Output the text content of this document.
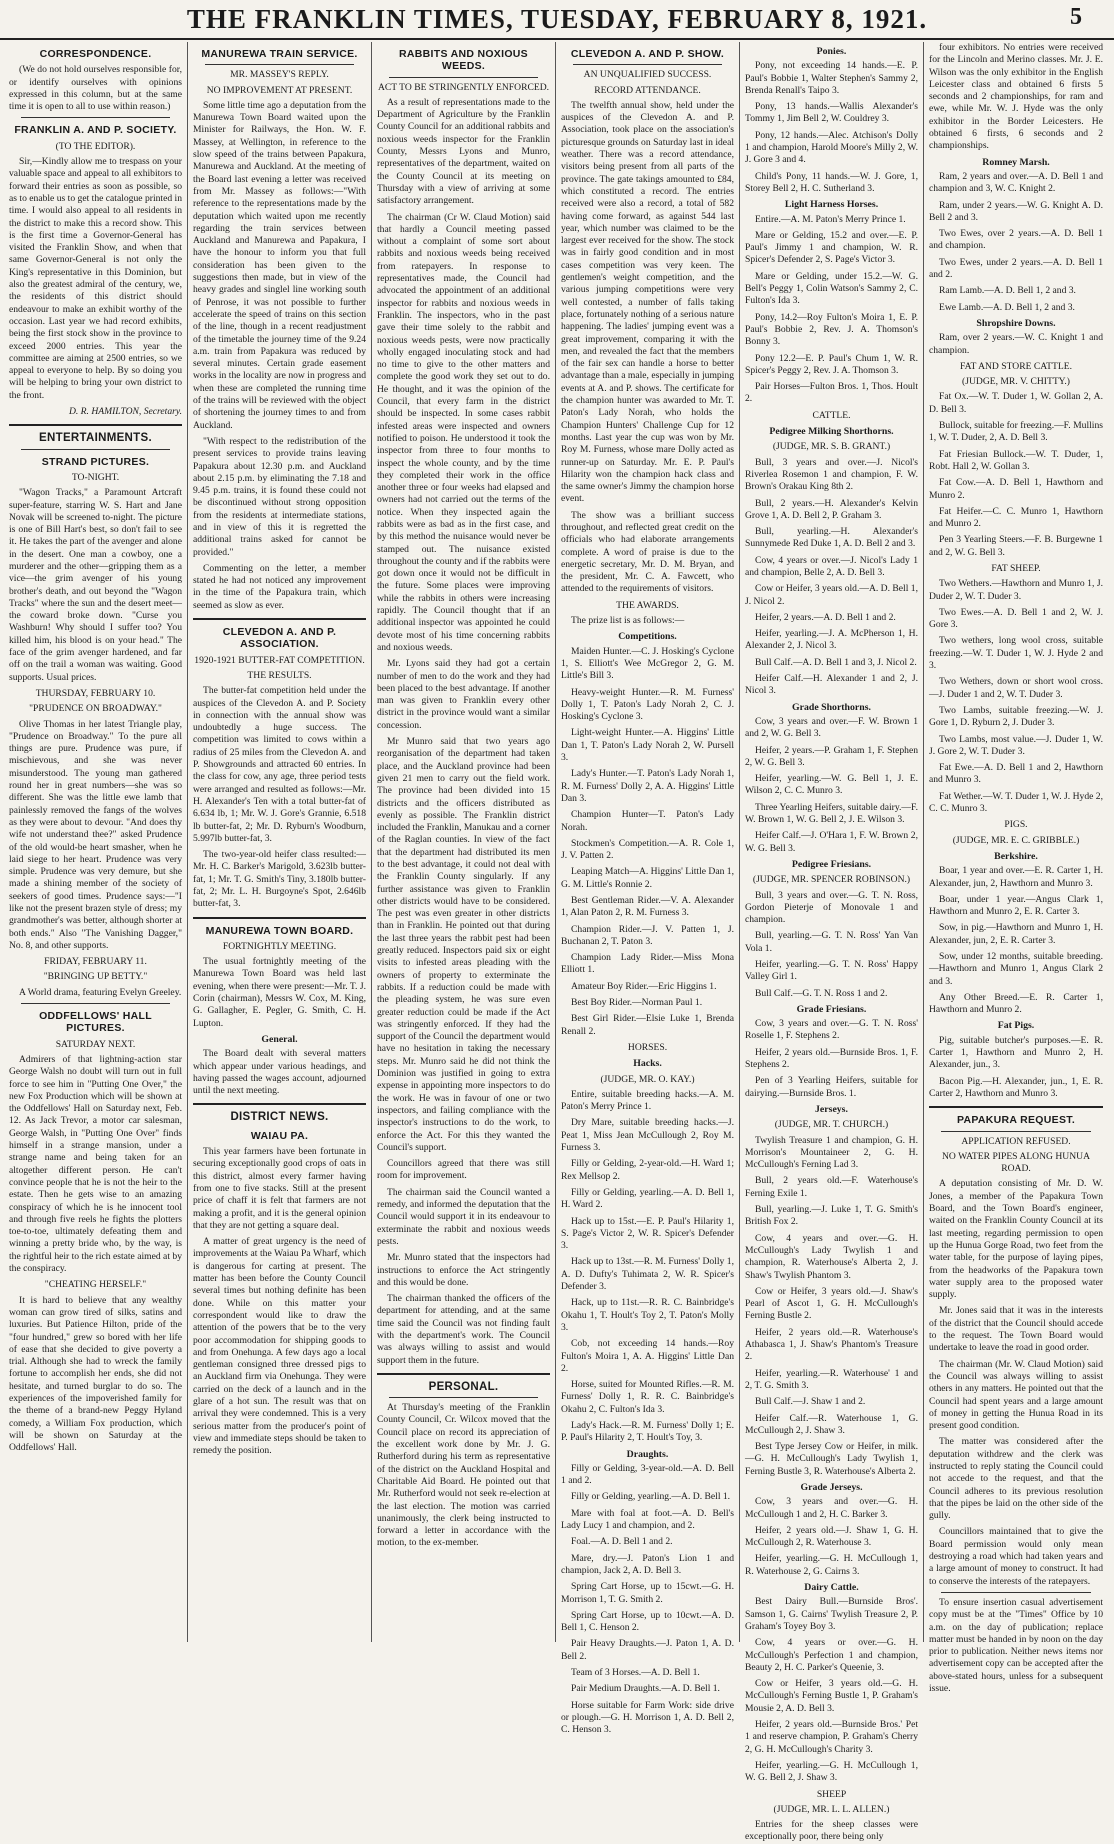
THE FRANKLIN TIMES, TUESDAY, FEBRUARY 8, 1921.	5
CORRESPONDENCE.

(We do not hold ourselves responsible for, or identify ourselves with opinions expressed in this column, but at the same time it is open to all to use within reason.)

FRANKLIN A. AND P. SOCIETY.
(TO THE EDITOR).

Sir,—Kindly allow me to trespass on your valuable space and appeal to all exhibitors to forward their entries as soon as possible, so as to enable us to get the catalogue printed in time. I would also appeal to all residents in the district to make this a record show. This is the first time a Governor-General has visited the Franklin Show, and when that same Governor-General is not only the King's representative in this Dominion, but also the greatest admiral of the century, we, the residents of this district should endeavour to make an exhibit worthy of the occasion. Last year we had record exhibits, being the first stock show in the province to exceed 2000 entries. This year the committee are aiming at 2500 entries, so we appeal to everyone to help. By so doing you will be helping to bring your own district to the front.

D. R. HAMILTON, Secretary.
ENTERTAINMENTS.
STRAND PICTURES.
TO-NIGHT.

"Wagon Tracks," a Paramount Artcraft super-feature, starring W. S. Hart and Jane Novak will be screened to-night. The picture is one of Bill Hart's best, so don't fail to see it. He takes the part of the avenger and alone in the desert. One man a cowboy, one a murderer and the other—gripping them as a vice—the grim avenger of his young brother's death, and out beyond the "Wagon Tracks" where the sun and the desert meet—the coward broke down. "Curse you Washburn! Why should I suffer too? You killed him, his blood is on your head." The face of the grim avenger hardened, and far off on the trail a woman was waiting. Good supports. Usual prices.

THURSDAY, FEBRUARY 10.
"PRUDENCE ON BROADWAY."

Olive Thomas in her latest Triangle play, "Prudence on Broadway." To the pure all things are pure. Prudence was pure, if mischievous, and she was never misunderstood. The young man gathered round her in great numbers—she was so different. She was the little ewe lamb that painlessly removed the fangs of the wolves as they were about to devour. "And does thy wife not understand thee?" asked Prudence of the old would-be heart smasher, when he laid siege to her heart. Prudence was very simple. Prudence was very demure, but she made a shining member of the society of seekers of good times. Prudence says:—"I like not the present brazen style of dress; my grandmother's was better, although shorter at both ends." Also "The Vanishing Dagger," No. 8, and other supports.

FRIDAY, FEBRUARY 11.
"BRINGING UP BETTY."

A World drama, featuring Evelyn Greeley.

ODDFELLOWS' HALL PICTURES.
SATURDAY NEXT.

Admirers of that lightning-action star George Walsh no doubt will turn out in full force to see him in "Putting One Over," the new Fox Production which will be shown at the Oddfellows' Hall on Saturday next, Feb. 12. As Jack Trevor, a motor car salesman, George Walsh, in "Putting One Over" finds himself in a strange mansion, under a strange name and being taken for an altogether different person. He can't convince people that he is not the heir to the estate. Then he gets wise to an amazing conspiracy of which he is he innocent tool and through five reels he fights the plotters toe-to-toe, ultimately defeating them and winning a pretty bride who, by the way, is the rightful heir to the rich estate aimed at by the conspiracy.

"CHEATING HERSELF."

It is hard to believe that any wealthy woman can grow tired of silks, satins and luxuries. But Patience Hilton, pride of the "four hundred," grew so bored with her life of ease that she decided to give poverty a trial. Although she had to wreck the family fortune to accomplish her ends, she did not hesitate, and turned burglar to do so. The experiences of the impoverished family for the theme of a brand-new Peggy Hyland comedy, a William Fox production, which will be shown on Saturday at the Oddfellows' Hall.

MANUREWA TRAIN SERVICE.
MR. MASSEY'S REPLY.
NO IMPROVEMENT AT PRESENT.

Some little time ago a deputation from the Manurewa Town Board waited upon the Minister for Railways, the Hon. W. F. Massey, at Wellington, in reference to the slow speed of the trains between Papakura, Manurewa and Auckland. At the meeting of the Board last evening a letter was received from Mr. Massey as follows:—"With reference to the representations made by the deputation which waited upon me recently regarding the train services between Auckland and Manurewa and Papakura, I have the honour to inform you that full consideration has been given to the suggestions then made, but in view of the heavy grades and singlel line working south of Penrose, it was not possible to further accelerate the speed of trains on this section of the line, though in a recent readjustment of the timetable the journey time of the 9.24 a.m. train from Papakura was reduced by several minutes. Certain grade easement works in the locality are now in progress and when these are completed the running time of the trains will be reviewed with the object of shortening the journey times to and from Auckland.

"With respect to the redistribution of the present services to provide trains leaving Papakura about 12.30 p.m. and Auckland about 2.15 p.m. by eliminating the 7.18 and 9.45 p.m. trains, it is found these could not be discontinued without strong opposition from the residents at intermediate stations, and in view of this it is regretted the additional trains asked for cannot be provided."

Commenting on the letter, a member stated he had not noticed any improvement in the time of the Papakura train, which seemed as slow as ever.

CLEVEDON A. AND P. ASSOCIATION.
1920-1921 BUTTER-FAT COMPETITION.
THE RESULTS.

The butter-fat competition held under the auspices of the Clevedon A. and P. Society in connection with the annual show was undoubtedly a huge success. The competition was limited to cows within a radius of 25 miles from the Clevedon A. and P. Showgrounds and attracted 60 entries. In the class for cow, any age, three period tests were arranged and resulted as follows:—Mr. H. Alexander's Ten with a total butter-fat of 6.634 lb, 1; Mr. W. J. Gore's Grannie, 6.518 lb butter-fat, 2; Mr. D. Ryburn's Woodburn, 5.997lb butter-fat, 3.

The two-year-old heifer class resulted:—Mr. H. C. Barker's Marigold, 3.623lb butter-fat, 1; Mr. T. G. Smith's Tiny, 3.180lb butter-fat, 2; Mr. L. H. Burgoyne's Spot, 2.646lb butter-fat, 3.

MANUREWA TOWN BOARD.
FORTNIGHTLY MEETING.

The usual fortnightly meeting of the Manurewa Town Board was held last evening, when there were present:—Mr. T. J. Corin (chairman), Messrs W. Cox, M. King, G. Gallagher, E. Pegler, G. Smith, C. H. Lupton.

General.

The Board dealt with several matters which appear under various headings, and having passed the wages account, adjourned until the next meeting.

DISTRICT NEWS.
WAIAU PA.

This year farmers have been fortunate in securing exceptionally good crops of oats in this district, almost every farmer having from one to five stacks. Still at the present price of chaff it is felt that farmers are not making a profit, and it is the general opinion that they are not getting a square deal.

A matter of great urgency is the need of improvements at the Waiau Pa Wharf, which is dangerous for carting at present. The matter has been before the County Council several times but nothing definite has been done. While on this matter your correspondent would like to draw the attention of the powers that be to the very poor accommodation for shipping goods to and from Onehunga. A few days ago a local gentleman consigned three dressed pigs to an Auckland firm via Onehunga. They were carried on the deck of a launch and in the glare of a hot sun. The result was that on arrival they were condemned. This is a very serious matter from the producer's point of view and immediate steps should be taken to remedy the position.

RABBITS AND NOXIOUS WEEDS.
ACT TO BE STRINGENTLY ENFORCED.

As a result of representations made to the Department of Agriculture by the Franklin County Council for an additional rabbits and noxious weeds inspector for the Franklin County, Messrs Lyons and Munro, representatives of the department, waited on the County Council at its meeting on Thursday with a view of arriving at some satisfactory arrangement.

The chairman (Cr W. Claud Motion) said that hardly a Council meeting passed without a complaint of some sort about rabbits and noxious weeds being received from ratepayers. In response to representatives made, the Council had advocated the appointment of an additional inspector for rabbits and noxious weeds in Franklin. The inspectors, who in the past gave their time solely to the rabbit and noxious weeds pests, were now practically wholly engaged inoculating stock and had no time to give to the other matters and complete the good work they set out to do. He thought, and it was the opinion of the Council, that every farm in the district should be inspected. In some cases rabbit infested areas were inspected and owners notified to poison. He understood it took the inspector from three to four months to inspect the whole county, and by the time they completed their work in the office another three or four weeks had elapsed and owners had not carried out the terms of the notice. When they inspected again the rabbits were as bad as in the first case, and by this method the nuisance would never be stamped out. The nuisance existed throughout the county and if the rabbits were got down once it would not be difficult in the future. Some places were improving while the rabbits in others were increasing rapidly. The Council thought that if an additional inspector was appointed he could devote most of his time concerning rabbits and noxious weeds.

Mr. Lyons said they had got a certain number of men to do the work and they had been placed to the best advantage. If another man was given to Franklin every other district in the province would want a similar concession.

Mr Munro said that two years ago reorganisation of the department had taken place, and the Auckland province had been given 21 men to carry out the field work. The province had been divided into 15 districts and the officers distributed as evenly as possible. The Franklin district included the Franklin, Manukau and a corner of the Raglan counties. In view of the fact that the department had distributed its men to the best advantage, it could not deal with the Franklin County singularly. If any further assistance was given to Franklin other districts would have to be considered. The pest was even greater in other districts than in Franklin. He pointed out that during the last three years the rabbit pest had been greatly reduced. Inspectors paid six or eight visits to infested areas pleading with the owners of property to exterminate the rabbits. If a reduction could be made with the pleading system, he was sure even greater reduction could be made if the Act was stringently enforced. If they had the support of the Council the department would have no hesitation in taking the necessary steps. Mr. Munro said he did not think the Dominion was justified in going to extra expense in appointing more inspectors to do the work. He was in favour of one or two inspectors, and failing compliance with the inspector's instructions to do the work, to enforce the Act. For this they wanted the Council's support.

Councillors agreed that there was still room for improvement.

The chairman said the Council wanted a remedy, and informed the deputation that the Council would support it in its endeavour to exterminate the rabbit and noxious weeds pests.

Mr. Munro stated that the inspectors had instructions to enforce the Act stringently and this would be done.

The chairman thanked the officers of the department for attending, and at the same time said the Council was not finding fault with the department's work. The Council was always willing to assist and would support them in the future.

PERSONAL.

At Thursday's meeting of the Franklin County Council, Cr. Wilcox moved that the Council place on record its appreciation of the excellent work done by Mr. J. G. Rutherford during his term as representative of the district on the Auckland Hospital and Charitable Aid Board. He pointed out that Mr. Rutherford would not seek re-election at the last election. The motion was carried unanimously, the clerk being instructed to forward a letter in accordance with the motion, to the ex-member.

CLEVEDON A. AND P. SHOW.
AN UNQUALIFIED SUCCESS.
RECORD ATTENDANCE.

The twelfth annual show, held under the auspices of the Clevedon A. and P. Association, took place on the association's picturesque grounds on Saturday last in ideal weather. There was a record attendance, visitors being present from all parts of the province. The gate takings amounted to £84, which constituted a record. The entries received were also a record, a total of 582 having come forward, as against 544 last year, which number was claimed to be the largest ever received for the show. The stock was in fairly good condition and in most cases competition was very keen. The gentlemen's weight competition, and the various jumping competitions were very well contested, a number of falls taking place, fortunately nothing of a serious nature happening. The ladies' jumping event was a great improvement, comparing it with the men, and revealed the fact that the members of the fair sex can handle a horse to better advantage than a male, especially in jumping events at A. and P. shows. The certificate for the champion hunter was awarded to Mr. T. Paton's Lady Norah, who holds the Champion Hunters' Challenge Cup for 12 months. Last year the cup was won by Mr. Roy M. Furness, whose mare Dolly acted as runner-up on Saturday. Mr. E. P. Paul's Hilarity won the champion hack class and the same owner's Jimmy the champion horse event.

The show was a brilliant success throughout, and reflected great credit on the officials who had elaborate arrangements complete. A word of praise is due to the energetic secretary, Mr. D. M. Bryan, and the president, Mr. C. A. Fawcett, who attended to the requirements of visitors.

THE AWARDS.

The prize list is as follows:—

Competitions.

Maiden Hunter.—C. J. Hosking's Cyclone 1, S. Elliott's Wee McGregor 2, G. M. Little's Bill 3.

Heavy-weight Hunter.—R. M. Furness' Dolly 1, T. Paton's Lady Norah 2, C. J. Hosking's Cyclone 3.

Light-weight Hunter.—A. Higgins' Little Dan 1, T. Paton's Lady Norah 2, W. Pursell 3.

Lady's Hunter.—T. Paton's Lady Norah 1, R. M. Furness' Dolly 2, A. A. Higgins' Little Dan 3.

Champion Hunter—T. Paton's Lady Norah.

Stockmen's Competition.—A. R. Cole 1, J. V. Patten 2.

Leaping Match—A. Higgins' Little Dan 1, G. M. Little's Ronnie 2.

Best Gentleman Rider.—V. A. Alexander 1, Alan Paton 2, R. M. Furness 3.

Champion Rider.—J. V. Patten 1, J. Buchanan 2, T. Paton 3.

Champion Lady Rider.—Miss Mona Elliott 1.

Amateur Boy Rider.—Eric Higgins 1.

Best Boy Rider.—Norman Paul 1.

Best Girl Rider.—Elsie Luke 1, Brenda Renall 2.

HORSES.
Hacks.
(JUDGE, MR. O. KAY.)

Entire, suitable breeding hacks.—A. M. Paton's Merry Prince 1.

Dry Mare, suitable breeding hacks.—J. Peat 1, Miss Jean McCullough 2, Roy M. Furness 3.

Filly or Gelding, 2-year-old.—H. Ward 1; Rex Mellsop 2.

Filly or Gelding, yearling.—A. D. Bell 1, H. Ward 2.

Hack up to 15st.—E. P. Paul's Hilarity 1, S. Page's Victor 2, W. R. Spicer's Defender 3.

Hack up to 13st.—R. M. Furness' Dolly 1, A. D. Dufty's Tuhimata 2, W. R. Spicer's Defender 3.

Hack, up to 11st.—R. R. C. Bainbridge's Okahu 1, T. Hoult's Toy 2, T. Paton's Molly 3.

Cob, not exceeding 14 hands.—Roy Fulton's Moira 1, A. A. Higgins' Little Dan 2.

Horse, suited for Mounted Rifles.—R. M. Furness' Dolly 1, R. R. C. Bainbridge's Okahu 2, C. Fulton's Ida 3.

Lady's Hack.—R. M. Furness' Dolly 1; E. P. Paul's Hilarity 2, T. Hoult's Toy, 3.

Draughts.

Filly or Gelding, 3-year-old.—A. D. Bell 1 and 2.

Filly or Gelding, yearling.—A. D. Bell 1.

Mare with foal at foot.—A. D. Bell's Lady Lucy 1 and champion, and 2.

Foal.—A. D. Bell 1 and 2.

Mare, dry.—J. Paton's Lion 1 and champion, Jack 2, A. D. Bell 3.

Spring Cart Horse, up to 15cwt.—G. H. Morrison 1, T. G. Smith 2.

Spring Cart Horse, up to 10cwt.—A. D. Bell 1, C. Henson 2.

Pair Heavy Draughts.—J. Paton 1, A. D. Bell 2.

Team of 3 Horses.—A. D. Bell 1.

Pair Medium Draughts.—A. D. Bell 1.

Horse suitable for Farm Work: side drive or plough.—G. H. Morrison 1, A. D. Bell 2, C. Henson 3.

Ponies.

Pony, not exceeding 14 hands.—E. P. Paul's Bobbie 1, Walter Stephen's Sammy 2, Brenda Renall's Taipo 3.

Pony, 13 hands.—Wallis Alexander's Tommy 1, Jim Bell 2, W. Couldrey 3.

Pony, 12 hands.—Alec. Atchison's Dolly 1 and champion, Harold Moore's Milly 2, W. J. Gore 3 and 4.

Child's Pony, 11 hands.—W. J. Gore, 1, Storey Bell 2, H. C. Sutherland 3.

Light Harness Horses.

Entire.—A. M. Paton's Merry Prince 1.

Mare or Gelding, 15.2 and over.—E. P. Paul's Jimmy 1 and champion, W. R. Spicer's Defender 2, S. Page's Victor 3.

Mare or Gelding, under 15.2.—W. G. Bell's Peggy 1, Colin Watson's Sammy 2, C. Fulton's Ida 3.

Pony, 14.2—Roy Fulton's Moira 1, E. P. Paul's Bobbie 2, Rev. J. A. Thomson's Bonny 3.

Pony 12.2—E. P. Paul's Chum 1, W. R. Spicer's Peggy 2, Rev. J. A. Thomson 3.

Pair Horses—Fulton Bros. 1, Thos. Hoult 2.

CATTLE.
Pedigree Milking Shorthorns.
(JUDGE, MR. S. B. GRANT.)

Bull, 3 years and over.—J. Nicol's Riverlea Rosemon 1 and champion, F. W. Brown's Orakau King 8th 2.

Bull, 2 years.—H. Alexander's Kelvin Grove 1, A. D. Bell 2, P. Graham 3.

Bull, yearling.—H. Alexander's Sunnymede Red Duke 1, A. D. Bell 2 and 3.

Cow, 4 years or over.—J. Nicol's Lady 1 and champion, Belle 2, A. D. Bell 3.

Cow or Heifer, 3 years old.—A. D. Bell 1, J. Nicol 2.

Heifer, 2 years.—A. D. Bell 1 and 2.

Heifer, yearling.—J. A. McPherson 1, H. Alexander 2, J. Nicol 3.

Bull Calf.—A. D. Bell 1 and 3, J. Nicol 2.

Heifer Calf.—H. Alexander 1 and 2, J. Nicol 3.

Grade Shorthorns.

Cow, 3 years and over.—F. W. Brown 1 and 2, W. G. Bell 3.

Heifer, 2 years.—P. Graham 1, F. Stephen 2, W. G. Bell 3.

Heifer, yearling.—W. G. Bell 1, J. E. Wilson 2, C. C. Munro 3.

Three Yearling Heifers, suitable dairy.—F. W. Brown 1, W. G. Bell 2, J. E. Wilson 3.

Heifer Calf.—J. O'Hara 1, F. W. Brown 2, W. G. Bell 3.

Pedigree Friesians.
(JUDGE, MR. SPENCER ROBINSON.)

Bull, 3 years and over.—G. T. N. Ross, Gordon Pieterje of Monovale 1 and champion.

Bull, yearling.—G. T. N. Ross' Yan Van Vola 1.

Heifer, yearling.—G. T. N. Ross' Happy Valley Girl 1.

Bull Calf.—G. T. N. Ross 1 and 2.

Grade Friesians.

Cow, 3 years and over.—G. T. N. Ross' Roselle 1, F. Stephens 2.

Heifer, 2 years old.—Burnside Bros. 1, F. Stephens 2.

Pen of 3 Yearling Heifers, suitable for dairying.—Burnside Bros. 1.

Jerseys.
(JUDGE, MR. T. CHURCH.)

Twylish Treasure 1 and champion, G. H. Morrison's Mountaineer 2, G. H. McCullough's Ferning Lad 3.

Bull, 2 years old.—F. Waterhouse's Ferning Exile 1.

Bull, yearling.—J. Luke 1, T. G. Smith's British Fox 2.

Cow, 4 years and over.—G. H. McCullough's Lady Twylish 1 and champion, R. Waterhouse's Alberta 2, J. Shaw's Twylish Phantom 3.

Cow or Heifer, 3 years old.—J. Shaw's Pearl of Ascot 1, G. H. McCullough's Ferning Bustle 2.

Heifer, 2 years old.—R. Waterhouse's Athabasca 1, J. Shaw's Phantom's Treasure 2.

Heifer, yearling.—R. Waterhouse' 1 and 2, T. G. Smith 3.

Bull Calf.—J. Shaw 1 and 2.

Heifer Calf.—R. Waterhouse 1, G. McCullough 2, J. Shaw 3.

Best Type Jersey Cow or Heifer, in milk.—G. H. McCullough's Lady Twylish 1, Ferning Bustle 3, R. Waterhouse's Alberta 2.

Grade Jerseys.

Cow, 3 years and over.—G. H. McCullough 1 and 2, H. C. Barker 3.

Heifer, 2 years old.—J. Shaw 1, G. H. McCullough 2, R. Waterhouse 3.

Heifer, yearling.—G. H. McCullough 1, R. Waterhouse 2, G. Cairns 3.

Dairy Cattle.

Best Dairy Bull.—Burnside Bros'. Samson 1, G. Cairns' Twylish Treasure 2, P. Graham's Toyey Boy 3.

Cow, 4 years or over.—G. H. McCullough's Perfection 1 and champion, Beauty 2, H. C. Parker's Queenie, 3.

Cow or Heifer, 3 years old.—G. H. McCullough's Ferning Bustle 1, P. Graham's Mousie 2, A. D. Bell 3.

Heifer, 2 years old.—Burnside Bros.' Pet 1 and reserve champion, P. Graham's Cherry 2, G. H. McCullough's Charity 3.

Heifer, yearling.—G. H. McCullough 1, W. G. Bell 2, J. Shaw 3.

SHEEP
(JUDGE, MR. L. L. ALLEN.)

Entries for the sheep classes were exceptionally poor, there being only

four exhibitors. No entries were received for the Lincoln and Merino classes. Mr. J. E. Wilson was the only exhibitor in the English Leicester class and obtained 6 firsts 5 seconds and 2 championships, for ram and ewe, while Mr. W. J. Hyde was the only exhibitor in the Border Leicesters. He obtained 6 firsts, 6 seconds and 2 championships.

Romney Marsh.

Ram, 2 years and over.—A. D. Bell 1 and champion and 3, W. C. Knight 2.

Ram, under 2 years.—W. G. Knight A. D. Bell 2 and 3.

Two Ewes, over 2 years.—A. D. Bell 1 and champion.

Two Ewes, under 2 years.—A. D. Bell 1 and 2.

Ram Lamb.—A. D. Bell 1, 2 and 3.

Ewe Lamb.—A. D. Bell 1, 2 and 3.

Shropshire Downs.

Ram, over 2 years.—W. C. Knight 1 and champion.

FAT AND STORE CATTLE.
(JUDGE, MR. V. CHITTY.)

Fat Ox.—W. T. Duder 1, W. Gollan 2, A. D. Bell 3.

Bullock, suitable for freezing.—F. Mullins 1, W. T. Duder, 2, A. D. Bell 3.

Fat Friesian Bullock.—W. T. Duder, 1, Robt. Hall 2, W. Gollan 3.

Fat Cow.—A. D. Bell 1, Hawthorn and Munro 2.

Fat Heifer.—C. C. Munro 1, Hawthorn and Munro 2.

Pen 3 Yearling Steers.—F. B. Burgewne 1 and 2, W. G. Bell 3.

FAT SHEEP.

Two Wethers.—Hawthorn and Munro 1, J. Duder 2, W. T. Duder 3.

Two Ewes.—A. D. Bell 1 and 2, W. J. Gore 3.

Two wethers, long wool cross, suitable freezing.—W. T. Duder 1, W. J. Hyde 2 and 3.

Two Wethers, down or short wool cross.—J. Duder 1 and 2, W. T. Duder 3.

Two Lambs, suitable freezing.—W. J. Gore 1, D. Ryburn 2, J. Duder 3.

Two Lambs, most value.—J. Duder 1, W. J. Gore 2, W. T. Duder 3.

Fat Ewe.—A. D. Bell 1 and 2, Hawthorn and Munro 3.

Fat Wether.—W. T. Duder 1, W. J. Hyde 2, C. C. Munro 3.

PIGS.
(JUDGE, MR. E. C. GRIBBLE.)
Berkshire.

Boar, 1 year and over.—E. R. Carter 1, H. Alexander, jun, 2, Hawthorn and Munro 3.

Boar, under 1 year.—Angus Clark 1, Hawthorn and Munro 2, E. R. Carter 3.

Sow, in pig.—Hawthorn and Munro 1, H. Alexander, jun, 2, E. R. Carter 3.

Sow, under 12 months, suitable breeding.—Hawthorn and Munro 1, Angus Clark 2 and 3.

Any Other Breed.—E. R. Carter 1, Hawthorn and Munro 2.

Fat Pigs.

Pig, suitable butcher's purposes.—E. R. Carter 1, Hawthorn and Munro 2, H. Alexander, jun., 3.

Bacon Pig.—H. Alexander, jun., 1, E. R. Carter 2, Hawthorn and Munro 3.

PAPAKURA REQUEST.
APPLICATION REFUSED.
NO WATER PIPES ALONG HUNUA ROAD.

A deputation consisting of Mr. D. W. Jones, a member of the Papakura Town Board, and the Town Board's engineer, waited on the Franklin County Council at its last meeting, regarding permission to open up the Hunua Gorge Road, two feet from the water table, for the purpose of laying pipes, from the headworks of the Papakura town water supply area to the proposed water supply.

Mr. Jones said that it was in the interests of the district that the Council should accede to the request. The Town Board would undertake to leave the road in good order.

The chairman (Mr. W. Claud Motion) said the Council was always willing to assist others in any matters. He pointed out that the Council had spent years and a large amount of money in getting the Hunua Road in its present good condition.

The matter was considered after the deputation withdrew and the clerk was instructed to reply stating the Council could not accede to the request, and that the Council adheres to its previous resolution that the pipes be laid on the other side of the gully.

Councillors maintained that to give the Board permission would only mean destroying a road which had taken years and a large amount of money to construct. It had to conserve the interests of the ratepayers.

To ensure insertion casual advertisement copy must be at the "Times" Office by 10 a.m. on the day of publication; replace matter must be handed in by noon on the day prior to publication. Neither news items nor advertisement copy can be accepted after the above-stated hours, unless for a subsequent issue.
